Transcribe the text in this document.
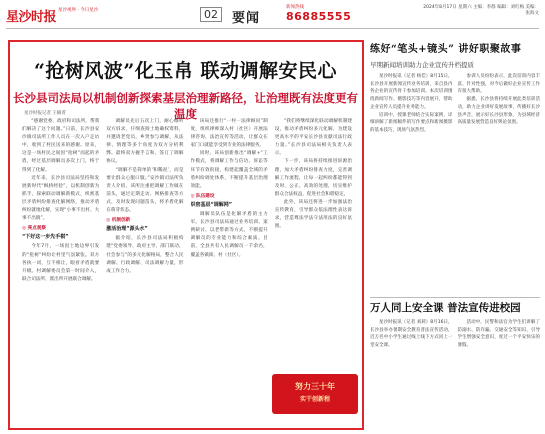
星沙时报 星沙视界 · 今日星沙	02	要闻
新闻热线
86885555
2024年8月17日 星期六 主编：李群 编辑：刘红梅 美编：张海文
“抢树风波”化玉帛 联动调解安民心
长沙县司法局以机制创新探索基层治理新路径，让治理既有法度更有温度
星沙时报记者 王楠菁

“感谢党委、政府和司法所，帮我们解决了这个问题。”日前，长沙县安沙镇司法所工作人员在一次入户走访中，收到了村民送来的感谢。原来，这是一场村民之间因“抢树”而起的矛盾，经过基层调解员多次上门，终于得到了化解。

近年来，长沙县司法局坚持和发展新时代“枫桥经验”，以机制创新为抓手，探索联动调解新模式，织密基层矛盾纠纷排查化解网络，推动矛盾纠纷就地化解，实现“小事不出村、大事不出镇”。

◎ 亮点观察
“下好这一步先手棋”

今年7月，一场因土地边界引发的“抢树”纠纷让村里气氛紧张。双方各执一词，互不相让，眼看矛盾就要升级。村调解委员会第一时间介入，联合司法所、派出所开展联合调解。

调解员先后五次上门，耐心倾听双方诉求，仔细查阅土地确权资料，并邀请老党员、乡贤参与调解，从法律、情理等多个角度为双方分析利弊。最终双方握手言和，签订了调解协议。

“调解不是简单的‘和稀泥’，而是要让群众心服口服。”安沙镇司法所负责人介绍，该所注重把调解工作做在前头，通过定期走访、网格排查等方式，及时发现问题苗头，将矛盾化解在萌芽状态。

◎ 机制创新
激活治理“源头水”

据介绍，长沙县司法局积极构建“党委领导、政府主导、部门联动、社会参与”的多元化解格局，整合人民调解、行政调解、司法调解力量，形成工作合力。

该局还推行“一村一法律顾问”制度，组织律师深入村（社区）开展法律咨询、法治宣传等活动，让群众在家门口就能享受到专业的法律服务。

同时，该局创新推出“调解+”工作模式，将调解工作与信访、诉讼等环节有效衔接，构建起覆盖全域的矛盾纠纷调处体系，不断提升基层治理效能。

◎ 队伍建设
织密基层“调解网”

调解员队伍是化解矛盾的主力军。长沙县司法局通过业务培训、案例研讨、以老带新等方式，不断提升调解员的专业能力和综合素质。目前，全县共有人民调解员一千余名，覆盖各镇街、村（社区）。

“我们将继续深化联动调解机制建设，推动矛盾纠纷多元化解，为建设更高水平的平安长沙县贡献司法行政力量。”长沙县司法局相关负责人表示。

下一步，该局将持续推进诉源治理，加大矛盾纠纷排查力度，完善调解工作流程，让每一起纠纷都能得到及时、公正、高效的处理，切实维护群众合法权益，促进社会和谐稳定。

此外，该局还将进一步加强法治宣传教育，引导群众依法理性表达诉求，营造尊法学法守法用法的良好氛围。

努力三十年
实干创新程
练好“笔头+镜头” 讲好职聚故事
早期新闻培训助力企业宣传升档提质

星沙时报讯（记者 杨佳）8月15日，长沙县开展新闻宣传业务培训，来自县内各企业的宣传骨干参加培训。本次培训围绕新闻写作、摄影技巧等内容展开，帮助企业宣传人员提升业务能力。

培训中，授课老师结合实际案例，详细讲解了新闻稿件的写作要点和新闻摄影的基本技巧，现场气氛热烈。

参训人员纷纷表示，此次培训内容丰富、针对性强，对今后做好企业宣传工作有很大帮助。

据悉，长沙县将持续开展此类培训活动，助力企业讲好发展故事，传播好长沙县声音，展示好长沙县形象，为县域经济高质量发展营造良好舆论氛围。

万人同上安全课 普法宣传进校园

星沙时报讯（记者 刘莉）8月16日，长沙县举办暑期安全教育普法宣传活动，近万名中小学生通过线上线下方式同上一堂安全课。

活动中，民警和法官为学生们讲解了防溺水、防诈骗、交通安全等知识，引导学生增强安全意识，度过一个平安快乐的暑假。
